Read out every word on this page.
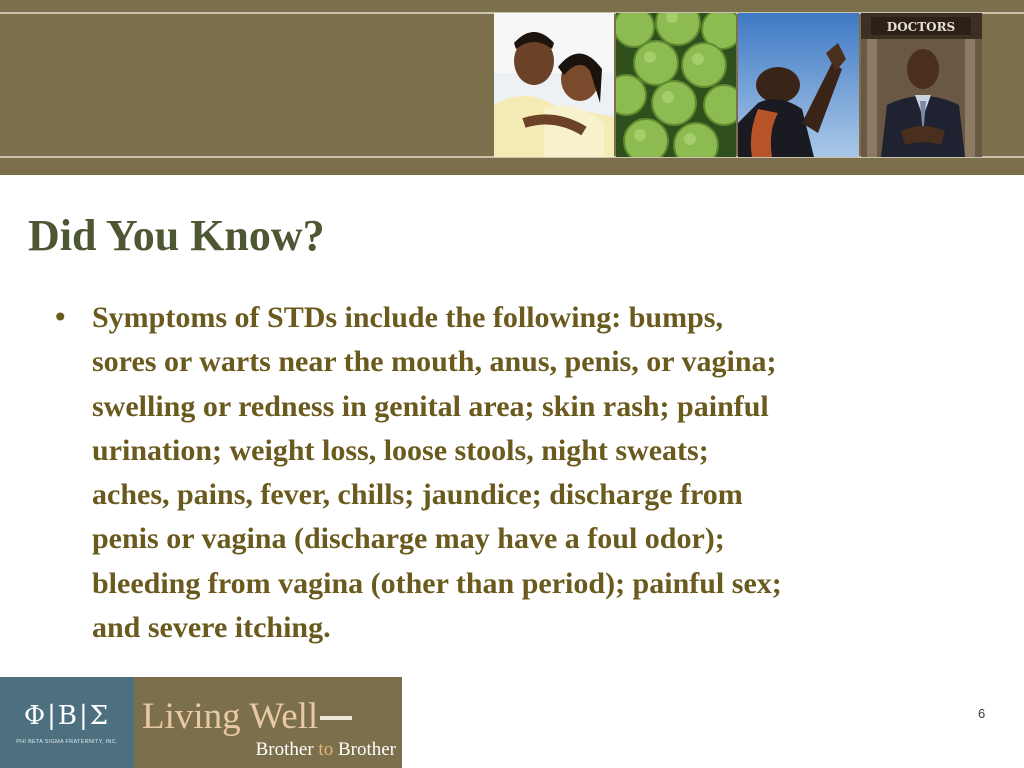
DOCTORS
Did You Know?
• Symptoms of STDs include the following: bumps,
sores or warts near the mouth, anus, penis, or vagina;
swelling or redness in genital area; skin rash; painful
urination; weight loss, loose stools, night sweats;
aches, pains, fever, chills; jaundice; discharge from
penis or vagina (discharge may have a foul odor);
bleeding from vagina (other than period); painful sex;
and severe itching.
Φ|Β|Σ
PHI BETA SIGMA FRATERNITY, INC.
Living Well
Brother to Brother
6
